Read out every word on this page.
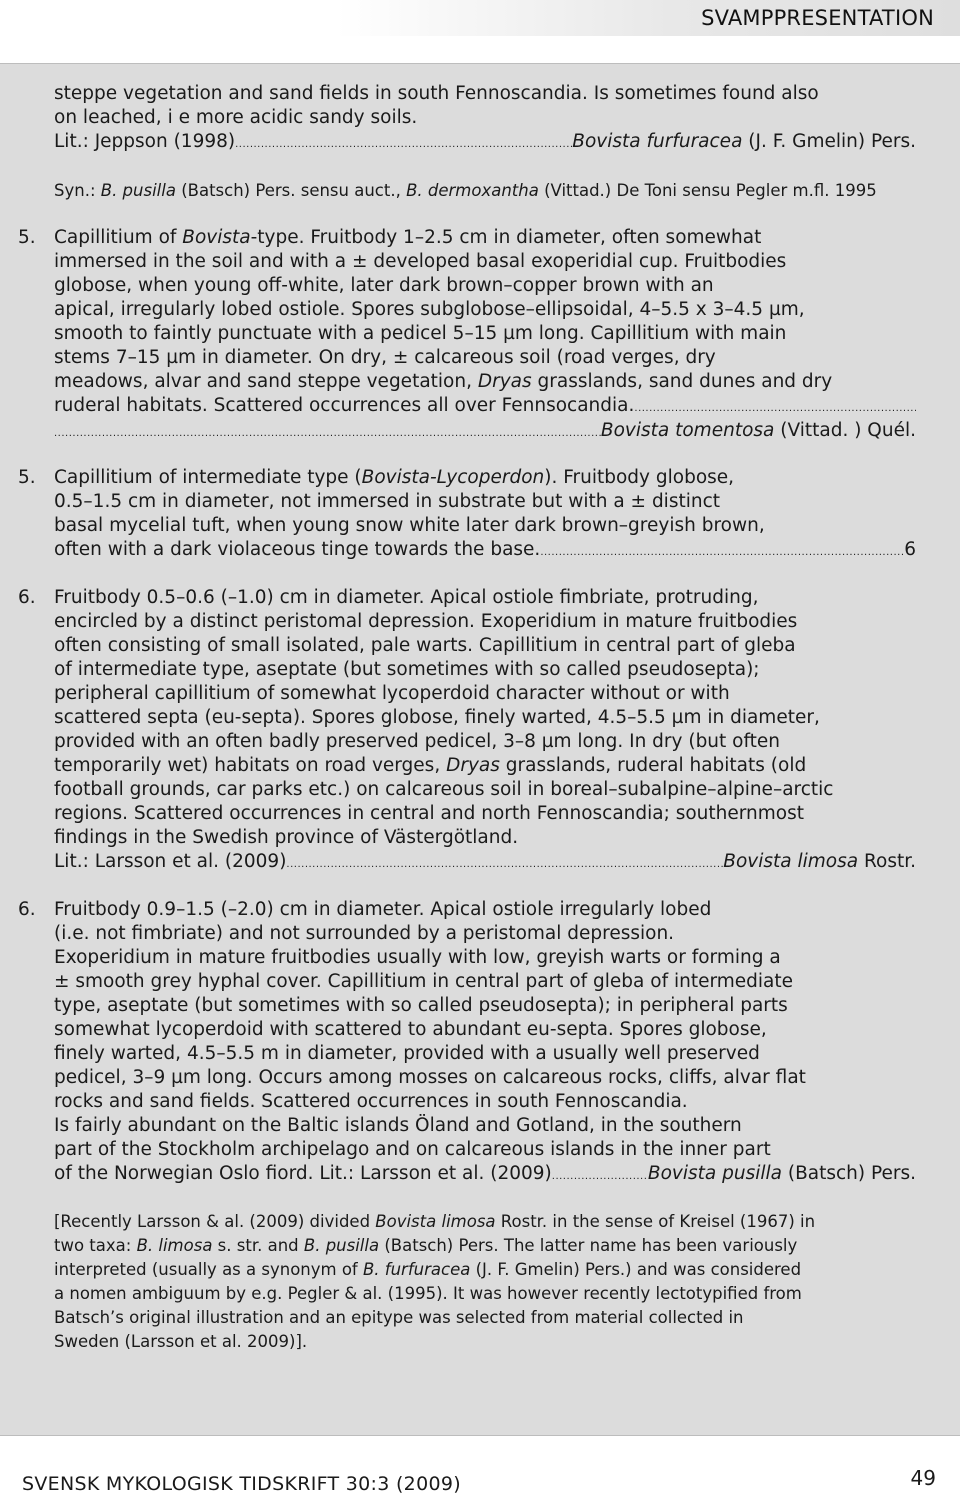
SVAMPPRESENTATION
steppe vegetation and sand fields in south Fennoscandia. Is sometimes found also
on leached, i e more acidic sandy soils.
Lit.: Jeppson (1998) .....	Bovista furfuracea (J. F. Gmelin) Pers.
Syn.: B. pusilla (Batsch) Pers. sensu auct., B. dermoxantha (Vittad.) De Toni sensu Pegler m.fl. 1995
5. Capillitium of Bovista-type. Fruitbody 1–2.5 cm in diameter, often somewhat
immersed in the soil and with a ± developed basal exoperidial cup. Fruitbodies
globose, when young off-white, later dark brown–copper brown with an
apical, irregularly lobed ostiole. Spores subglobose–ellipsoidal, 4–5.5 x 3–4.5 µm,
smooth to faintly punctuate with a pedicel 5–15 µm long. Capillitium with main
stems 7–15 µm in diameter. On dry, ± calcareous soil (road verges, dry
meadows, alvar and sand steppe vegetation, Dryas grasslands, sand dunes and dry
ruderal habitats. Scattered occurrences all over Fennsocandia.
.....
.....
Bovista tomentosa (Vittad. ) Quél.
5. Capillitium of intermediate type (Bovista-Lycoperdon). Fruitbody globose,
0.5–1.5 cm in diameter, not immersed in substrate but with a ± distinct
basal mycelial tuft, when young snow white later dark brown–greyish brown,
often with a dark violaceous tinge towards the base. .....	6
6. Fruitbody 0.5–0.6 (–1.0) cm in diameter. Apical ostiole fimbriate, protruding,
encircled by a distinct peristomal depression. Exoperidium in mature fruitbodies
often consisting of small isolated, pale warts. Capillitium in central part of gleba
of intermediate type, aseptate (but sometimes with so called pseudosepta);
peripheral capillitium of somewhat lycoperdoid character without or with
scattered septa (eu-septa). Spores globose, finely warted, 4.5–5.5 µm in diameter,
provided with an often badly preserved pedicel, 3–8 µm long. In dry (but often
temporarily wet) habitats on road verges, Dryas grasslands, ruderal habitats (old
football grounds, car parks etc.) on calcareous soil in boreal–subalpine–alpine–arctic
regions. Scattered occurrences in central and north Fennoscandia; southernmost
findings in the Swedish province of Västergötland.
Lit.: Larsson et al. (2009) .....	Bovista limosa Rostr.
6. Fruitbody 0.9–1.5 (–2.0) cm in diameter. Apical ostiole irregularly lobed
(i.e. not fimbriate) and not surrounded by a peristomal depression.
Exoperidium in mature fruitbodies usually with low, greyish warts or forming a
± smooth grey hyphal cover. Capillitium in central part of gleba of intermediate
type, aseptate (but sometimes with so called pseudosepta); in peripheral parts
somewhat lycoperdoid with scattered to abundant eu-septa. Spores globose,
finely warted, 4.5–5.5 m in diameter, provided with a usually well preserved
pedicel, 3–9 µm long. Occurs among mosses on calcareous rocks, cliffs, alvar flat
rocks and sand fields. Scattered occurrences in south Fennoscandia.
Is fairly abundant on the Baltic islands Öland and Gotland, in the southern
part of the Stockholm archipelago and on calcareous islands in the inner part
of the Norwegian Oslo fiord. Lit.: Larsson et al. (2009) .....	Bovista pusilla (Batsch) Pers.
[Recently Larsson & al. (2009) divided Bovista limosa Rostr. in the sense of Kreisel (1967) in
two taxa: B. limosa s. str. and B. pusilla (Batsch) Pers. The latter name has been variously
interpreted (usually as a synonym of B. furfuracea (J. F. Gmelin) Pers.) and was considered
a nomen ambiguum by e.g. Pegler & al. (1995). It was however recently lectotypified from
Batsch’s original illustration and an epitype was selected from material collected in
Sweden (Larsson et al. 2009)].
SVENSK MYKOLOGISK TIDSKRIFT 30:3 (2009)	49
